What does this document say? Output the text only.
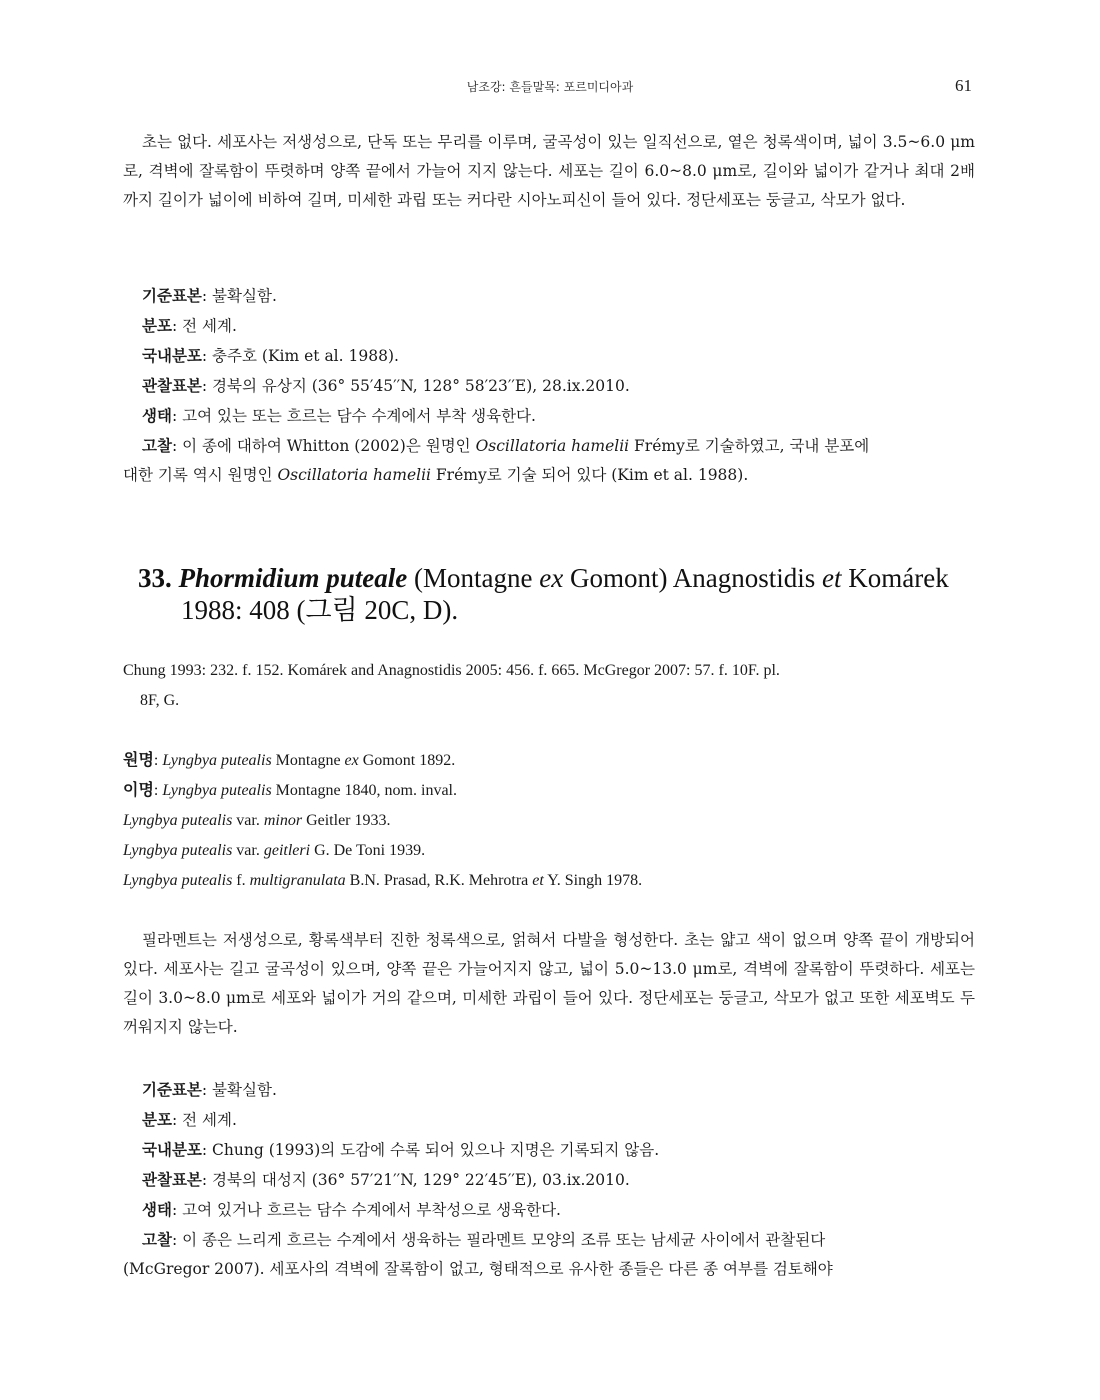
남조강: 흔들말목: 포르미디아과	61
초는 없다. 세포사는 저생성으로, 단독 또는 무리를 이루며, 굴곡성이 있는 일직선으로, 옅은 청록색이며, 넓이 3.5~6.0 μm로, 격벽에 잘록함이 뚜렷하며 양쪽 끝에서 가늘어 지지 않는다. 세포는 길이 6.0~8.0 μm로, 길이와 넓이가 같거나 최대 2배까지 길이가 넓이에 비하여 길며, 미세한 과립 또는 커다란 시아노피신이 들어 있다. 정단세포는 둥글고, 삭모가 없다.

기준표본: 불확실함.

분포: 전 세계.

국내분포: 충주호 (Kim et al. 1988).

관찰표본: 경북의 유상지 (36° 55′45′′N, 128° 58′23′′E), 28.ix.2010.

생태: 고여 있는 또는 흐르는 담수 수계에서 부착 생육한다.

고찰: 이 종에 대하여 Whitton (2002)은 원명인 Oscillatoria hamelii Frémy로 기술하였고, 국내 분포에

대한 기록 역시 원명인 Oscillatoria hamelii Frémy로 기술 되어 있다 (Kim et al. 1988).

33. Phormidium puteale (Montagne ex Gomont) Anagnostidis et Komárek
1988: 408 (그림 20C, D).
Chung 1993: 232. f. 152. Komárek and Anagnostidis 2005: 456. f. 665. McGregor 2007: 57. f. 10F. pl.
8F, G.

원명: Lyngbya putealis Montagne ex Gomont 1892.

이명: Lyngbya putealis Montagne 1840, nom. inval.

Lyngbya putealis var. minor Geitler 1933.

Lyngbya putealis var. geitleri G. De Toni 1939.

Lyngbya putealis f. multigranulata B.N. Prasad, R.K. Mehrotra et Y. Singh 1978.

필라멘트는 저생성으로, 황록색부터 진한 청록색으로, 얽혀서 다발을 형성한다. 초는 얇고 색이 없으며 양쪽 끝이 개방되어 있다. 세포사는 길고 굴곡성이 있으며, 양쪽 끝은 가늘어지지 않고, 넓이 5.0~13.0 μm로, 격벽에 잘록함이 뚜렷하다. 세포는 길이 3.0~8.0 μm로 세포와 넓이가 거의 같으며, 미세한 과립이 들어 있다. 정단세포는 둥글고, 삭모가 없고 또한 세포벽도 두꺼워지지 않는다.

기준표본: 불확실함.

분포: 전 세계.

국내분포: Chung (1993)의 도감에 수록 되어 있으나 지명은 기록되지 않음.

관찰표본: 경북의 대성지 (36° 57′21′′N, 129° 22′45′′E), 03.ix.2010.

생태: 고여 있거나 흐르는 담수 수계에서 부착성으로 생육한다.

고찰: 이 종은 느리게 흐르는 수계에서 생육하는 필라멘트 모양의 조류 또는 남세균 사이에서 관찰된다

(McGregor 2007). 세포사의 격벽에 잘록함이 없고, 형태적으로 유사한 종들은 다른 종 여부를 검토해야
